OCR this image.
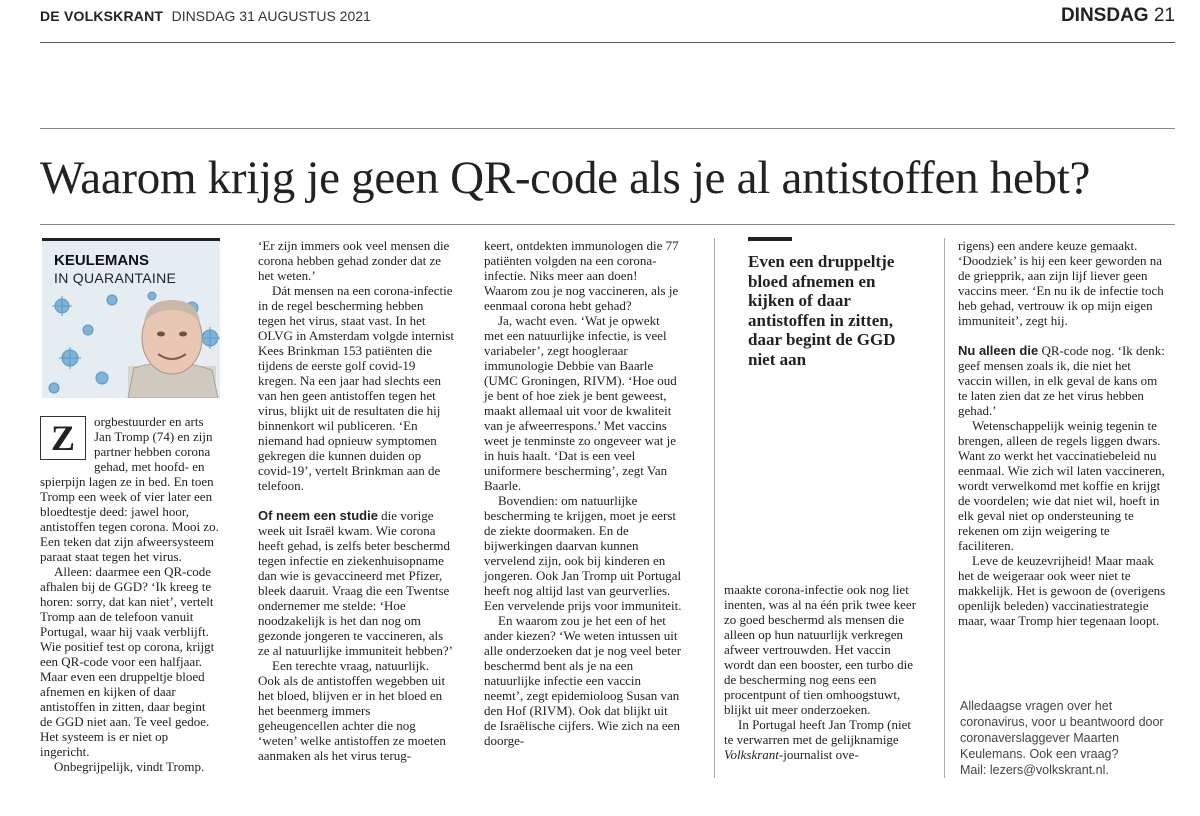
DE VOLKSKRANT DINSDAG 31 AUGUSTUS 2021	DINSDAG 21
Waarom krijg je geen QR-code als je al antistoffen hebt?
KEULEMANS
IN QUARANTAINE
Z	orgbestuurder en arts Jan Tromp (74) en zijn partner hebben corona gehad, met hoofd- en spierpijn lagen ze in bed. En toen Tromp een week of vier later een bloedtestje deed: jawel hoor, antistoffen tegen corona. Mooi zo. Een teken dat zijn afweersysteem paraat staat tegen het virus.

Alleen: daarmee een QR-code afhalen bij de GGD? ‘Ik kreeg te horen: sorry, dat kan niet’, vertelt Tromp aan de telefoon vanuit Portugal, waar hij vaak verblijft. Wie positief test op corona, krijgt een QR-code voor een halfjaar. Maar even een druppeltje bloed afnemen en kijken of daar antistoffen in zitten, daar begint de GGD niet aan. Te veel gedoe. Het systeem is er niet op ingericht.

Onbegrijpelijk, vindt Tromp.

‘Er zijn immers ook veel mensen die corona hebben gehad zonder dat ze het weten.’

Dát mensen na een corona-infectie in de regel bescherming hebben tegen het virus, staat vast. In het OLVG in Amsterdam volgde internist Kees Brinkman 153 patiënten die tijdens de eerste golf covid-19 kregen. Na een jaar had slechts een van hen geen antistoffen tegen het virus, blijkt uit de resultaten die hij binnenkort wil publiceren. ‘En niemand had opnieuw symptomen gekregen die kunnen duiden op covid-19’, vertelt Brinkman aan de telefoon.

Of neem een studie die vorige week uit Israël kwam. Wie corona heeft gehad, is zelfs beter beschermd tegen infectie en ziekenhuisopname dan wie is gevaccineerd met Pfizer, bleek daaruit. Vraag die een Twentse ondernemer me stelde: ‘Hoe noodzakelijk is het dan nog om gezonde jongeren te vaccineren, als ze al natuurlijke immuniteit hebben?’

Een terechte vraag, natuurlijk. Ook als de antistoffen wegebben uit het bloed, blijven er in het bloed en het beenmerg immers geheugencellen achter die nog ‘weten’ welke antistoffen ze moeten aanmaken als het virus terug-

keert, ontdekten immunologen die 77 patiënten volgden na een corona-infectie. Niks meer aan doen! Waarom zou je nog vaccineren, als je eenmaal corona hebt gehad?

Ja, wacht even. ‘Wat je opwekt met een natuurlijke infectie, is veel variabeler’, zegt hoogleraar immunologie Debbie van Baarle (UMC Groningen, RIVM). ‘Hoe oud je bent of hoe ziek je bent geweest, maakt allemaal uit voor de kwaliteit van je afweerrespons.’ Met vaccins weet je tenminste zo ongeveer wat je in huis haalt. ‘Dat is een veel uniformere bescherming’, zegt Van Baarle.

Bovendien: om natuurlijke bescherming te krijgen, moet je eerst de ziekte doormaken. En de bijwerkingen daarvan kunnen vervelend zijn, ook bij kinderen en jongeren. Ook Jan Tromp uit Portugal heeft nog altijd last van geurverlies. Een vervelende prijs voor immuniteit.

En waarom zou je het een of het ander kiezen? ‘We weten intussen uit alle onderzoeken dat je nog veel beter beschermd bent als je na een natuurlijke infectie een vaccin neemt’, zegt epidemioloog Susan van den Hof (RIVM). Ook dat blijkt uit de Israëlische cijfers. Wie zich na een doorge-

Even een druppeltje bloed afnemen en kijken of daar antistoffen in zitten, daar begint de GGD niet aan

maakte corona-infectie ook nog liet inenten, was al na één prik twee keer zo goed beschermd als mensen die alleen op hun natuurlijk verkregen afweer vertrouwden. Het vaccin wordt dan een booster, een turbo die de bescherming nog eens een procentpunt of tien omhoogstuwt, blijkt uit meer onderzoeken.

In Portugal heeft Jan Tromp (niet te verwarren met de gelijknamige Volkskrant-journalist ove-

rigens) een andere keuze gemaakt. ‘Doodziek’ is hij een keer geworden na de griepprik, aan zijn lijf liever geen vaccins meer. ‘En nu ik de infectie toch heb gehad, vertrouw ik op mijn eigen immuniteit’, zegt hij.

Nu alleen die QR-code nog. ‘Ik denk: geef mensen zoals ik, die niet het vaccin willen, in elk geval de kans om te laten zien dat ze het virus hebben gehad.’

Wetenschappelijk weinig tegenin te brengen, alleen de regels liggen dwars. Want zo werkt het vaccinatiebeleid nu eenmaal. Wie zich wil laten vaccineren, wordt verwelkomd met koffie en krijgt de voordelen; wie dat niet wil, hoeft in elk geval niet op ondersteuning te rekenen om zijn weigering te faciliteren.

Leve de keuzevrijheid! Maar maak het de weigeraar ook weer niet te makkelijk. Het is gewoon de (overigens openlijk beleden) vaccinatiestrategie maar, waar Tromp hier tegenaan loopt.

Alledaagse vragen over het coronavirus, voor u beantwoord door coronaverslaggever Maarten Keulemans. Ook een vraag?
Mail: lezers@volkskrant.nl.
